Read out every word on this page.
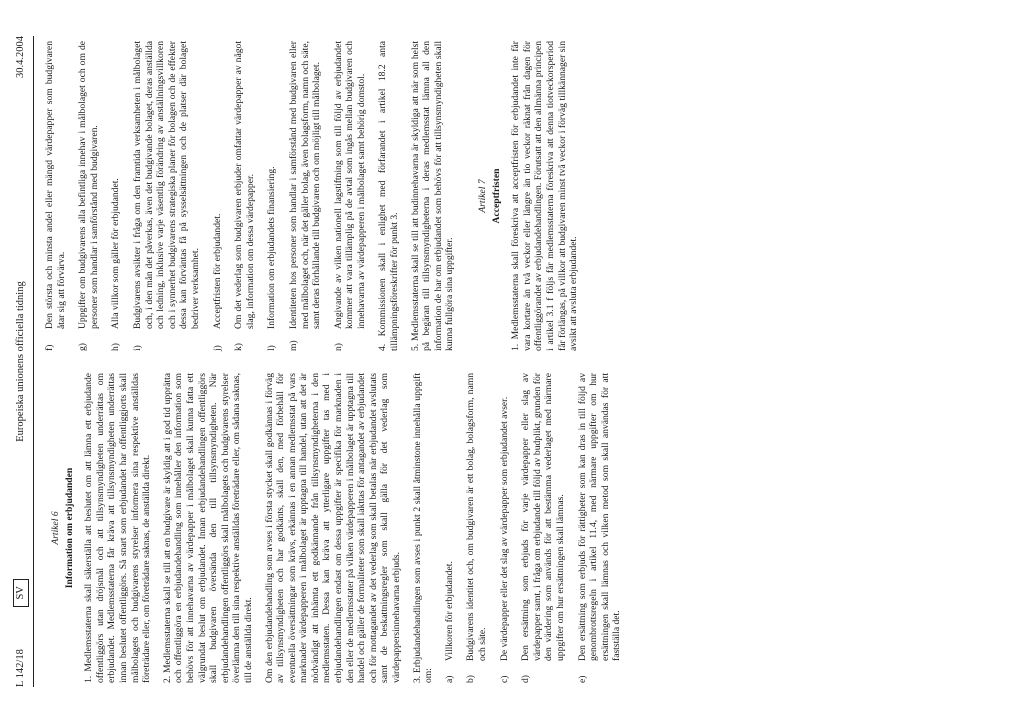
L 142/18 SV
Europeiska unionens officiella tidning
30.4.2004
Artikel 6 Information om erbjudanden 1. Medlemsstaterna skall säkerställa att beslutet om att lämna ett erbjudande offentliggörs utan dröjsmål och att tillsynsmyndigheten underrättas om erbjudandet. Medlemsstaterna får kräva att tillsynsmyndigheten underrättas innan beslutet offentliggörs. Så snart som erbjudandet har offentliggjorts skall målbolagets och budgivarens styrelser informera sina respektive anställdas företrädare eller, om företrädare saknas, de anställda direkt. 2. Medlemsstaterna skall se till att en budgivare är skyldig att i god tid upprätta och offentliggöra en erbjudandehandling som innehåller den information som behövs för att innehavarna av värdepapper i målbolaget skall kunna fatta ett välgrundat beslut om erbjudandet. Innan erbjudandehandlingen offentliggörs skall budgivaren översända den till tillsynsmyndigheten. När erbjudandehandlingen offentliggörs skall målbolagets och budgivarens styrelser överlämna den till sina respektive anställdas företrädare eller, om sådana saknas, till de anställda direkt. Om den erbjudandehandling som avses i första stycket skall godkännas i förväg av tillsynsmyndigheten och har godkänts, skall den, med förbehåll för eventuella översättningar som krävs, erkännas i en annan medlemsstat på vars marknader värdepapperen i målbolaget är upptagna till handel, utan att det är nödvändigt att inhämta ett godkännande från tillsynsmyndigheterna i den medlemsstaten. Dessa kan kräva att ytterligare uppgifter tas med i erbjudandehandlingen endast om dessa uppgifter är specifika för marknaden i den eller de medlemsstater på vilken värdepapperen i målbolaget är upptagna till handel och gäller de formaliteter som skall iakttas för antagandet av erbjudandet och för mottagandet av det vederlag som skall betalas när erbjudandet avslutats samt de beskattningsregler som skall gälla för det vederlag som värdepappersinnehavarna erbjuds. 3. Erbjudandehandlingen som avses i punkt 2 skall åtminstone innehålla uppgift om: a)
Villkoren för erbjudandet.
b)
Budgivarens identitet och, om budgivaren är ett bolag, bolagsform, namn och säte.
c)
De värdepapper eller det slag av värdepapper som erbjudandet avser.
d)
Den ersättning som erbjuds för varje värdepapper eller slag av värdepapper samt, i fråga om erbjudande till följd av budplikt, grunden för den värdering som används för att bestämma vederlaget med närmare uppgifter om hur ersättningen skall lämnas.
e)
Den ersättning som erbjuds för rättigheter som kan dras in till följd av genombrottsregeln i artikel 11.4, med närmare uppgifter om hur ersättningen skall lämnas och vilken metod som skall användas för att fastställa det.
f)
Den största och minsta andel eller mängd värdepapper som budgivaren åtar sig att förvärva.
g)
Uppgifter om budgivarens alla befintliga innehav i målbolaget och om de personer som handlar i samförstånd med budgivaren.
h)
Alla villkor som gäller för erbjudandet.
i)
Budgivarens avsikter i fråga om den framtida verksamheten i målbolaget och, i den mån det påverkas, även det budgivande bolaget, deras anställda och ledning, inklusive varje väsentlig förändring av anställningsvillkoren och i synnerhet budgivarens strategiska planer för bolagen och de effekter dessa kan förväntas få på sysselsättningen och de platser där bolaget bedriver verksamhet.
j)
Acceptfristen för erbjudandet.
k)
Om det vederlag som budgivaren erbjuder omfattar värdepapper av något slag, information om dessa värdepapper.
l)
Information om erbjudandets finansiering.
m)
Identiteten hos personer som handlar i samförstånd med budgivaren eller med målbolaget och, när det gäller bolag, även bolagsform, namn och säte, samt deras förhållande till budgivaren och om möjligt till målbolaget.
n)
Angivande av vilken nationell lagstiftning som till följd av erbjudandet kommer att vara tillämplig på de avtal som ingås mellan budgivaren och innehavarna av värdepapperen i målbolaget samt behörig domstol. 4. Kommissionen skall i enlighet med förfarandet i artikel 18.2 anta tillämpningsföreskrifter för punkt 3. 5. Medlemsstaterna skall se till att budinnehavarna är skyldiga att när som helst på begäran till tillsynsmyndigheterna i deras medlemsstat lämna all den information de har om erbjudandet som behövs för att tillsynsmyndigheten skall kunna fullgöra sina uppgifter.

Artikel 7 Acceptfristen 1. Medlemsstaterna skall föreskriva att acceptfristen för erbjudandet inte får vara kortare än två veckor eller längre än tio veckor räknat från dagen för offentliggörandet av erbjudandehandlingen. Förutsatt att den allmänna principen i artikel 3.1 f följs får medlemsstaterna föreskriva att denna tiotveckorsperiod får förlängas, på villkor att budgivaren minst två veckor i förväg tillkännager sin avsikt att avsluta erbjudandet.
